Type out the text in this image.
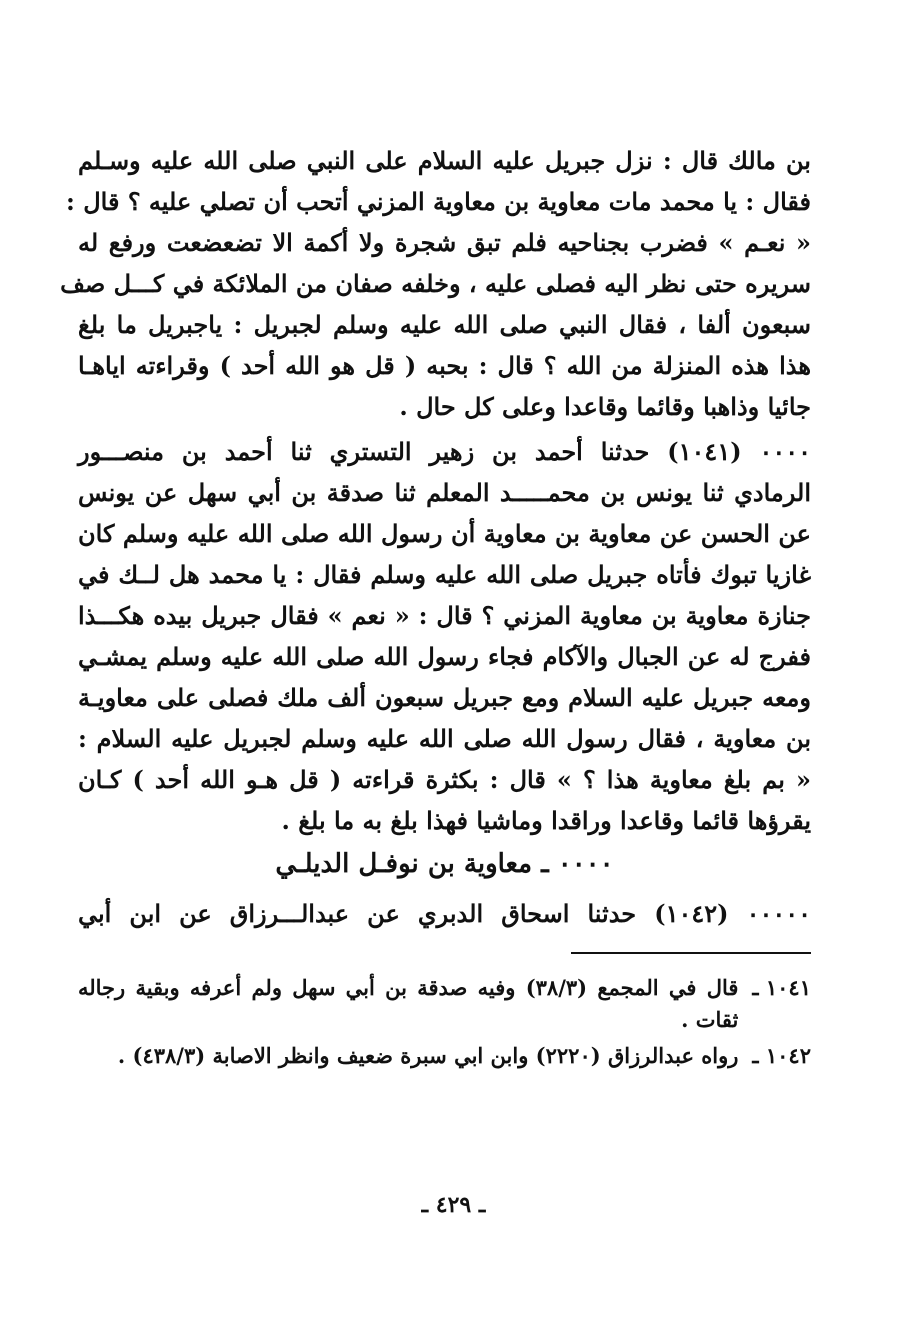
بن مالك قال : نزل جبريل عليه السلام على النبي صلى الله عليه وسـلم
فقال : يا محمد مات معاوية بن معاوية المزني أتحب أن تصلي عليه ؟ قال :
« نعـم » فضرب بجناحيه فلم تبق شجرة ولا أكمة الا تضعضعت ورفع له
سريره حتى نظر اليه فصلى عليه ، وخلفه صفان من الملائكة في كـــل صف
سبعون ألفا ، فقال النبي صلى الله عليه وسلم لجبريل : ياجبريل ما بلغ
هذا هذه المنزلة من الله ؟ قال : بحبه ( قل هو الله أحد ) وقراءته اياهـا
جائيا وذاهبا وقائما وقاعدا وعلى كل حال .
٠٠٠٠ (١٠٤١) حدثنا أحمد بن زهير التستري ثنا أحمد بن منصـــور
الرمادي ثنا يونس بن محمـــــد المعلم ثنا صدقة بن أبي سهل عن يونس
عن الحسن عن معاوية بن معاوية أن رسول الله صلى الله عليه وسلم كان
غازيا تبوك فأتاه جبريل صلى الله عليه وسلم فقال : يا محمد هل لــك في
جنازة معاوية بن معاوية المزني ؟ قال : « نعم » فقال جبريل بيده هكـــذا
ففرج له عن الجبال والآكام فجاء رسول الله صلى الله عليه وسلم يمشـي
ومعه جبريل عليه السلام ومع جبريل سبعون ألف ملك فصلى على معاويـة
بن معاوية ، فقال رسول الله صلى الله عليه وسلم لجبريل عليه السلام :
« بم بلغ معاوية هذا ؟ » قال : بكثرة قراءته ( قل هـو الله أحد ) كـان
يقرؤها قائما وقاعدا وراقدا وماشيا فهذا بلغ به ما بلغ .
٠٠٠٠ ـ معاوية بن نوفـل الديلـي
٠٠٠٠٠ (١٠٤٢) حدثنا اسحاق الدبري عن عبدالـــرزاق عن ابن أبي
١٠٤١ ـ
قال في المجمع (٣٨/٣) وفيه صدقة بن أبي سهل ولم أعرفه وبقية رجاله ثقات .
١٠٤٢ ـ
رواه عبدالرزاق (٢٢٢٠) وابن ابي سبرة ضعيف وانظر الاصابة (٤٣٨/٣) .
ـ ٤٢٩ ـ
